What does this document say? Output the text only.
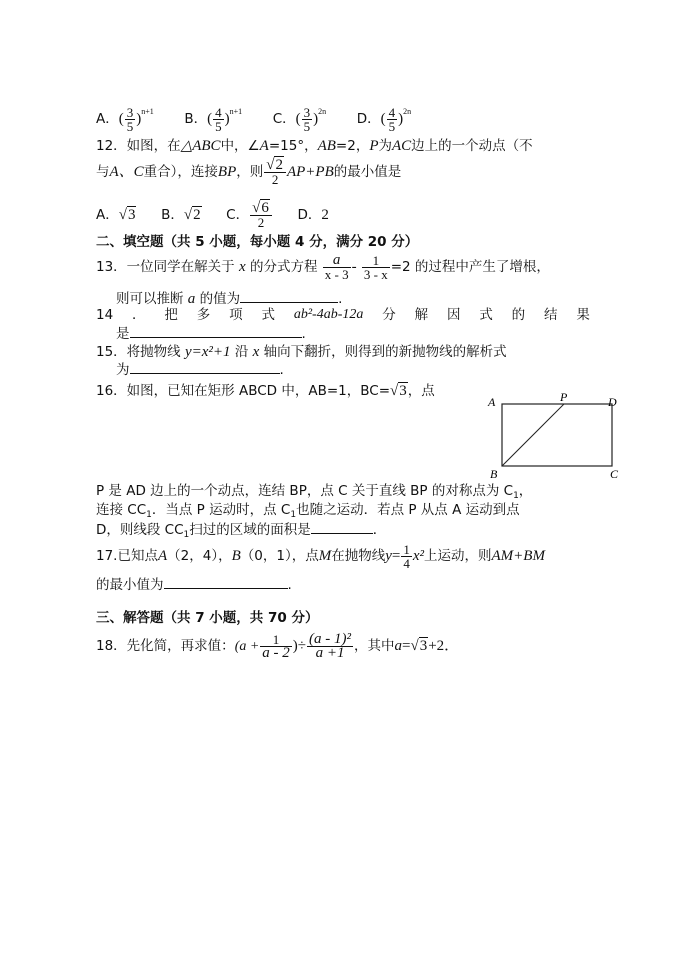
A．( $\frac{3}{5} )^{n+1}$ B．( $\frac{4}{5} )^{n+1}$ C．( $\frac{3}{5} )^{2n}$ D．( $\frac{4}{5} )^{2n}$
12．如图，在△ABC中，∠A=15°，AB=2，P为AC边上的一个动点（不
与A、C重合），连接BP，则 $\frac{√2}{2} AP+PB$的最小值是
A．√3 B．√2 C． $\frac{√6}{2}$ D．2
二、填空题（共 5 小题，每小题 4 分，满分 20 分）
13．一位同学在解关于 x 的分式方程 $\frac{a}{x - 3} - \frac{1}{3 - x} =2$ 的过程中产生了增根，
则可以推断 a 的值为	.
14 ． 把 多 项 式 ab²-4ab-12a 分 解 因 式 的 结 果
是	.
15．将抛物线 y=x²+1 沿 x 轴向下翻折，则得到的新抛物线的解析式
为	.
16．如图，已知在矩形 ABCD 中，AB=1，BC=√3，点
A	P	D
B	C
P 是 AD 边上的一个动点，连结 BP，点 C 关于直线 BP 的对称点为 $C_1$，
连接 $CC_1$．当点 P 运动时，点 $C_1$也随之运动．若点 P 从点 A 运动到点
D，则线段 $CC_1$扫过的区域的面积是	．
17.已知点A（2，4），B（0，1），点M在抛物线$y= \frac{1}{4} x^2$上运动，则AM+BM
的最小值为	.
三、解答题（共 7 小题，共 70 分）
18．先化简，再求值：($a + \frac{1}{a - 2}$ )÷ $\frac{\text{(a - 1)²}}{a +1}$ ，其中a=√3+2．
